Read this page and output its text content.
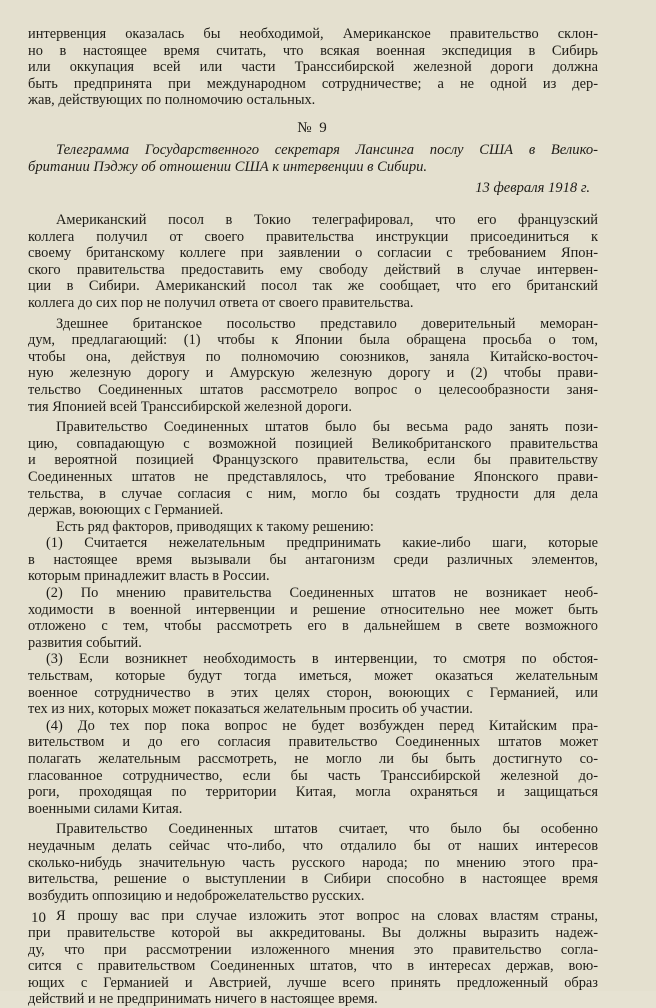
интервенция оказалась бы необходимой, Американское правительство склон-
но в настоящее время считать, что всякая военная экспедиция в Сибирь
или оккупация всей или части Транссибирской железной дороги должна
быть предпринята при международном сотрудничестве; а не одной из дер-
жав, действующих по полномочию остальных.
№ 9
Телеграмма Государственного секретаря Лансинга послу США в Велико-
британии Пэджу об отношении США к интервенции в Сибири.
13 февраля 1918 г.
Американский посол в Токио телеграфировал, что его французский
коллега получил от своего правительства инструкции присоединиться к
своему британскому коллеге при заявлении о согласии с требованием Япон-
ского правительства предоставить ему свободу действий в случае интервен-
ции в Сибири. Американский посол так же сообщает, что его британский
коллега до сих пор не получил ответа от своего правительства.
Здешнее британское посольство представило доверительный меморан-
дум, предлагающий: (1) чтобы к Японии была обращена просьба о том,
чтобы она, действуя по полномочию союзников, заняла Китайско-восточ-
ную железную дорогу и Амурскую железную дорогу и (2) чтобы прави-
тельство Соединенных штатов рассмотрело вопрос о целесообразности заня-
тия Японией всей Транссибирской железной дороги.
Правительство Соединенных штатов было бы весьма радо занять пози-
цию, совпадающую с возможной позицией Великобританского правительства
и вероятной позицией Французского правительства, если бы правительству
Соединенных штатов не представлялось, что требование Японского прави-
тельства, в случае согласия с ним, могло бы создать трудности для дела
держав, воюющих с Германией.
Есть ряд факторов, приводящих к такому решению:
(1) Считается нежелательным предпринимать какие-либо шаги, которые
в настоящее время вызывали бы антагонизм среди различных элементов,
которым принадлежит власть в России.
(2) По мнению правительства Соединенных штатов не возникает необ-
ходимости в военной интервенции и решение относительно нее может быть
отложено с тем, чтобы рассмотреть его в дальнейшем в свете возможного
развития событий.
(3) Если возникнет необходимость в интервенции, то смотря по обстоя-
тельствам, которые будут тогда иметься, может оказаться желательным
военное сотрудничество в этих целях сторон, воюющих с Германией, или
тех из них, которых может показаться желательным просить об участии.
(4) До тех пор пока вопрос не будет возбужден перед Китайским пра-
вительством и до его согласия правительство Соединенных штатов может
полагать желательным рассмотреть, не могло ли бы быть достигнуто со-
гласованное сотрудничество, если бы часть Транссибирской железной до-
роги, проходящая по территории Китая, могла охраняться и защищаться
военными силами Китая.
Правительство Соединенных штатов считает, что было бы особенно
неудачным делать сейчас что-либо, что отдалило бы от наших интересов
сколько-нибудь значительную часть русского народа; по мнению этого пра-
вительства, решение о выступлении в Сибири способно в настоящее время
возбудить оппозицию и недоброжелательство русских.
Я прошу вас при случае изложить этот вопрос на словах властям страны,
при правительстве которой вы аккредитованы. Вы должны выразить надеж-
ду, что при рассмотрении изложенного мнения это правительство согла-
сится с правительством Соединенных штатов, что в интересах держав, вою-
ющих с Германией и Австрией, лучше всего принять предложенный образ
действий и не предпринимать ничего в настоящее время.
10
